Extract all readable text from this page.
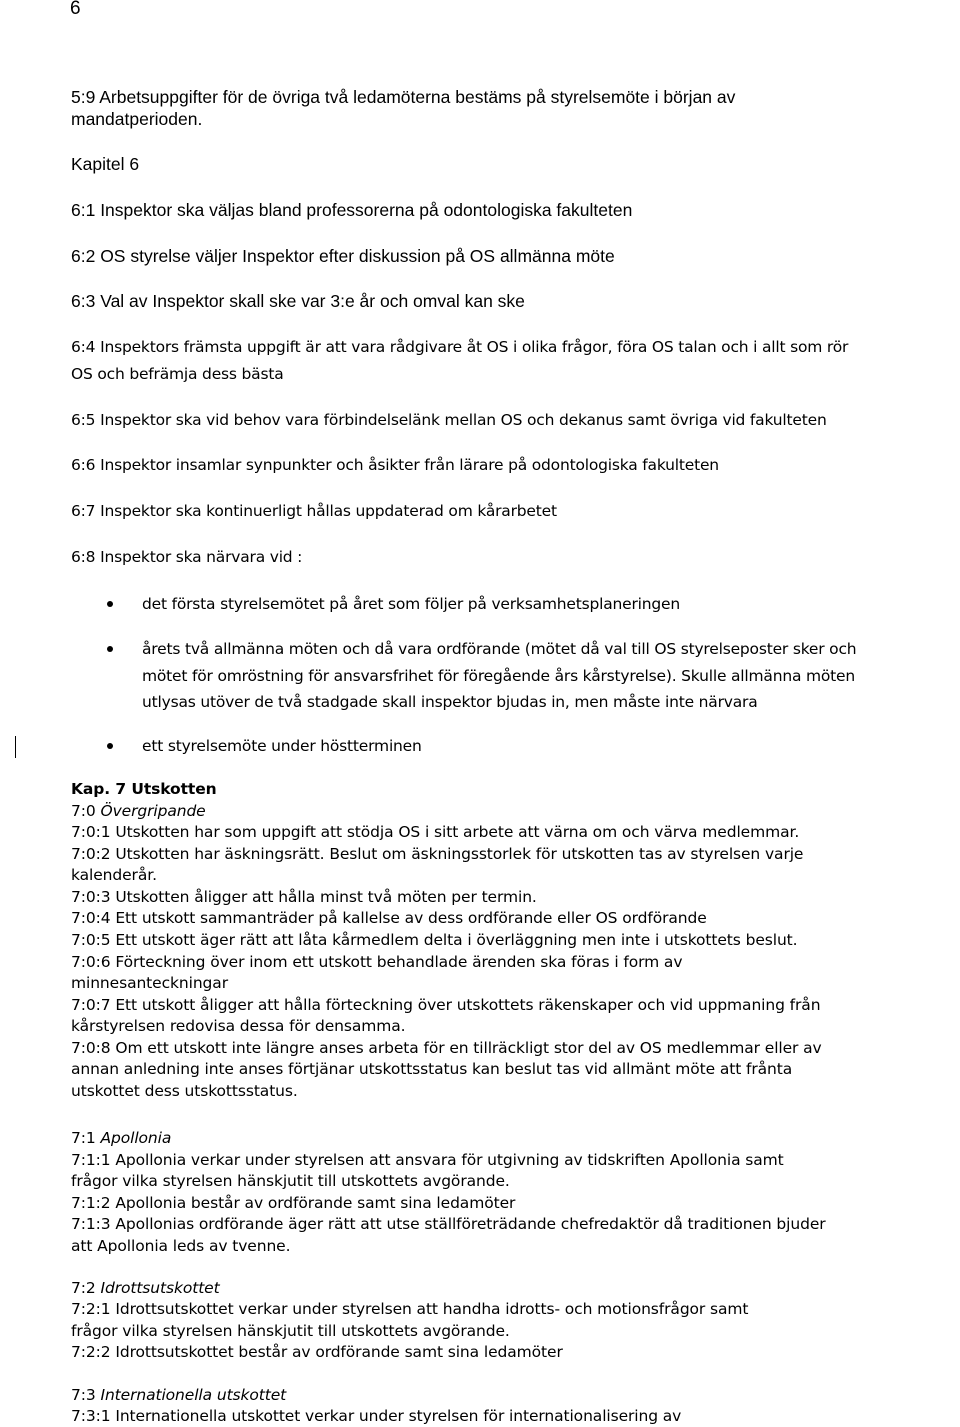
6
5:9 Arbetsuppgifter för de övriga två ledamöterna bestäms på styrelsemöte i början av
mandatperioden.
Kapitel 6
6:1 Inspektor ska väljas bland professorerna på odontologiska fakulteten
6:2 OS styrelse väljer Inspektor efter diskussion på OS allmänna möte
6:3 Val av Inspektor skall ske var 3:e år och omval kan ske
6:4 Inspektors främsta uppgift är att vara rådgivare åt OS i olika frågor, föra OS talan och i allt som rör
OS och befrämja dess bästa
6:5 Inspektor ska vid behov vara förbindelselänk mellan OS och dekanus samt övriga vid fakulteten
6:6 Inspektor insamlar synpunkter och åsikter från lärare på odontologiska fakulteten
6:7 Inspektor ska kontinuerligt hållas uppdaterad om kårarbetet
6:8 Inspektor ska närvara vid :
det första styrelsemötet på året som följer på verksamhetsplaneringen
årets två allmänna möten och då vara ordförande (mötet då val till OS styrelseposter sker och
mötet för omröstning för ansvarsfrihet för föregående års kårstyrelse). Skulle allmänna möten
utlysas utöver de två stadgade skall inspektor bjudas in, men måste inte närvara
ett styrelsemöte under höstterminen
Kap. 7 Utskotten
7:0 Övergripande
7:0:1 Utskotten har som uppgift att stödja OS i sitt arbete att värna om och värva medlemmar.
7:0:2 Utskotten har äskningsrätt. Beslut om äskningsstorlek för utskotten tas av styrelsen varje
kalenderår.
7:0:3 Utskotten åligger att hålla minst två möten per termin.
7:0:4 Ett utskott sammanträder på kallelse av dess ordförande eller OS ordförande
7:0:5 Ett utskott äger rätt att låta kårmedlem delta i överläggning men inte i utskottets beslut.
7:0:6 Förteckning över inom ett utskott behandlade ärenden ska föras i form av
minnesanteckningar
7:0:7 Ett utskott åligger att hålla förteckning över utskottets räkenskaper och vid uppmaning från
kårstyrelsen redovisa dessa för densamma.
7:0:8 Om ett utskott inte längre anses arbeta för en tillräckligt stor del av OS medlemmar eller av
annan anledning inte anses förtjänar utskottsstatus kan beslut tas vid allmänt möte att fråntа
utskottet dess utskottsstatus.
7:1 Apollonia
7:1:1 Apollonia verkar under styrelsen att ansvara för utgivning av tidskriften Apollonia samt
frågor vilka styrelsen hänskjutit till utskottets avgörande.
7:1:2 Apollonia består av ordförande samt sina ledamöter
7:1:3 Apollonias ordförande äger rätt att utse ställföreträdande chefredaktör då traditionen bjuder
att Apollonia leds av tvenne.
7:2 Idrottsutskottet
7:2:1 Idrottsutskottet verkar under styrelsen att handha idrotts- och motionsfrågor samt
frågor vilka styrelsen hänskjutit till utskottets avgörande.
7:2:2 Idrottsutskottet består av ordförande samt sina ledamöter
7:3 Internationella utskottet
7:3:1 Internationella utskottet verkar under styrelsen för internationalisering av
